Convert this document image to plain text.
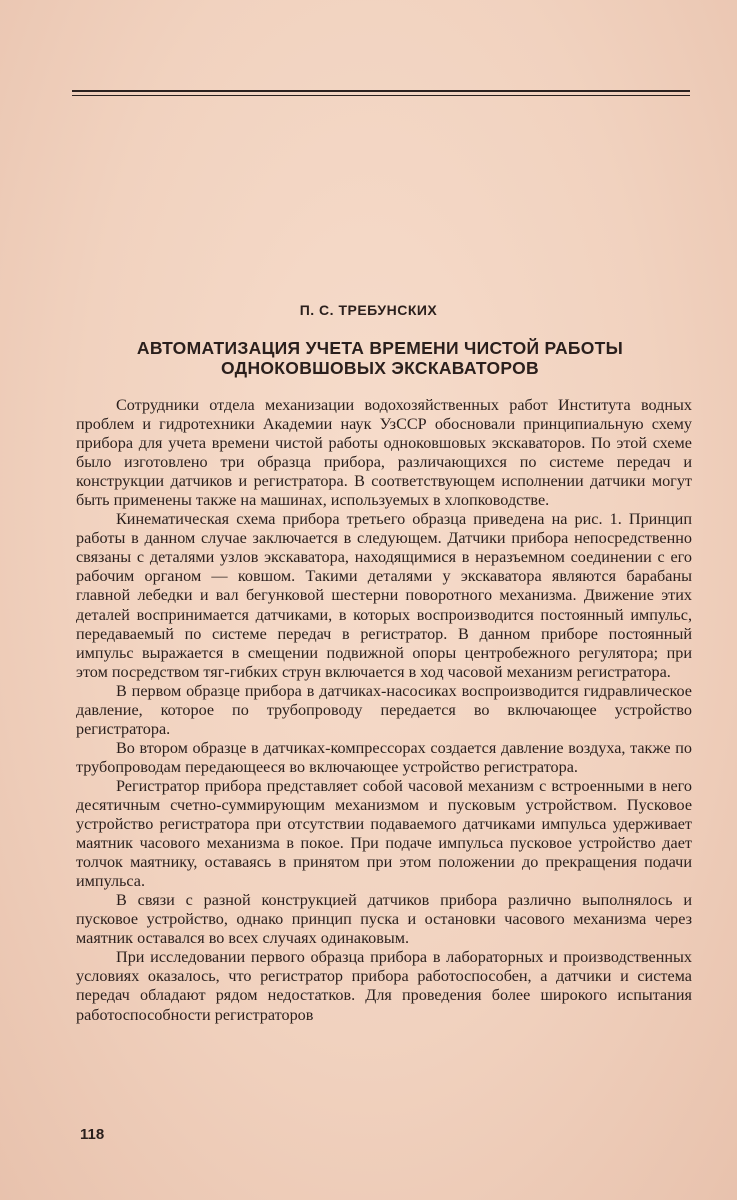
П. С. ТРЕБУНСКИХ
АВТОМАТИЗАЦИЯ УЧЕТА ВРЕМЕНИ ЧИСТОЙ РАБОТЫ
ОДНОКОВШОВЫХ ЭКСКАВАТОРОВ

Сотрудники отдела механизации водохозяйственных работ Института водных проблем и гидротехники Академии наук УзССР обосновали принципиальную схему прибора для учета времени чистой работы одноковшовых экскаваторов. По этой схеме было изготовлено три образца прибора, различающихся по системе передач и конструкции датчиков и регистратора. В соответствующем исполнении датчики могут быть применены также на машинах, используемых в хлопководстве.

Кинематическая схема прибора третьего образца приведена на рис. 1. Принцип работы в данном случае заключается в следующем. Датчики прибора непосредственно связаны с деталями узлов экскаватора, находящимися в неразъемном соединении с его рабочим органом — ковшом. Такими деталями у экскаватора являются барабаны главной лебедки и вал бегунковой шестерни поворотного механизма. Движение этих деталей воспринимается датчиками, в которых воспроизводится постоянный импульс, передаваемый по системе передач в регистратор. В данном приборе постоянный импульс выражается в смещении подвижной опоры центробежного регулятора; при этом посредством тяг-гибких струн включается в ход часовой механизм регистратора.

В первом образце прибора в датчиках-насосиках воспроизводится гидравлическое давление, которое по трубопроводу передается во включающее устройство регистратора.

Во втором образце в датчиках-компрессорах создается давление воздуха, также по трубопроводам передающееся во включающее устройство регистратора.

Регистратор прибора представляет собой часовой механизм с встроенными в него десятичным счетно-суммирующим механизмом и пусковым устройством. Пусковое устройство регистратора при отсутствии подаваемого датчиками импульса удерживает маятник часового механизма в покое. При подаче импульса пусковое устройство дает толчок маятнику, оставаясь в принятом при этом положении до прекращения подачи импульса.

В связи с разной конструкцией датчиков прибора различно выполнялось и пусковое устройство, однако принцип пуска и остановки часового механизма через маятник оставался во всех случаях одинаковым.

При исследовании первого образца прибора в лабораторных и производственных условиях оказалось, что регистратор прибора работоспособен, а датчики и система передач обладают рядом недостатков. Для проведения более широкого испытания работоспособности регистраторов

118
